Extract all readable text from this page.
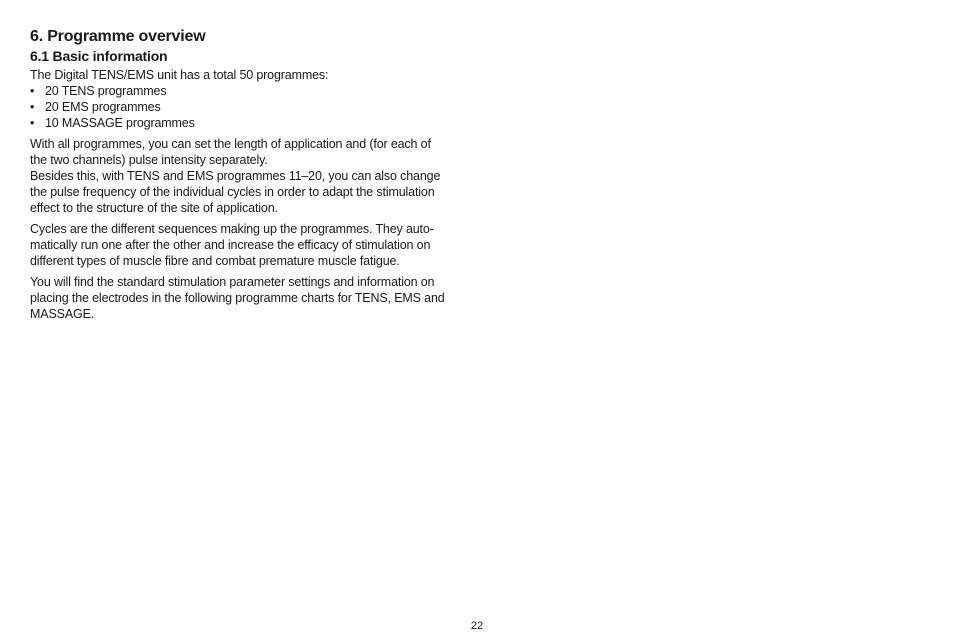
6. Programme overview
6.1 Basic information

The Digital TENS/EMS unit has a total 50 programmes:

• 20 TENS programmes
• 20 EMS programmes
• 10 MASSAGE programmes

With all programmes, you can set the length of application and (for each of

the two channels) pulse intensity separately.

Besides this, with TENS and EMS programmes 11–20, you can also change

the pulse frequency of the individual cycles in order to adapt the stimulation

effect to the structure of the site of application.

Cycles are the different sequences making up the programmes. They auto-

matically run one after the other and increase the efficacy of stimulation on

different types of muscle fibre and combat premature muscle fatigue.

You will find the standard stimulation parameter settings and information on

placing the electrodes in the following programme charts for TENS, EMS and

MASSAGE.

22
